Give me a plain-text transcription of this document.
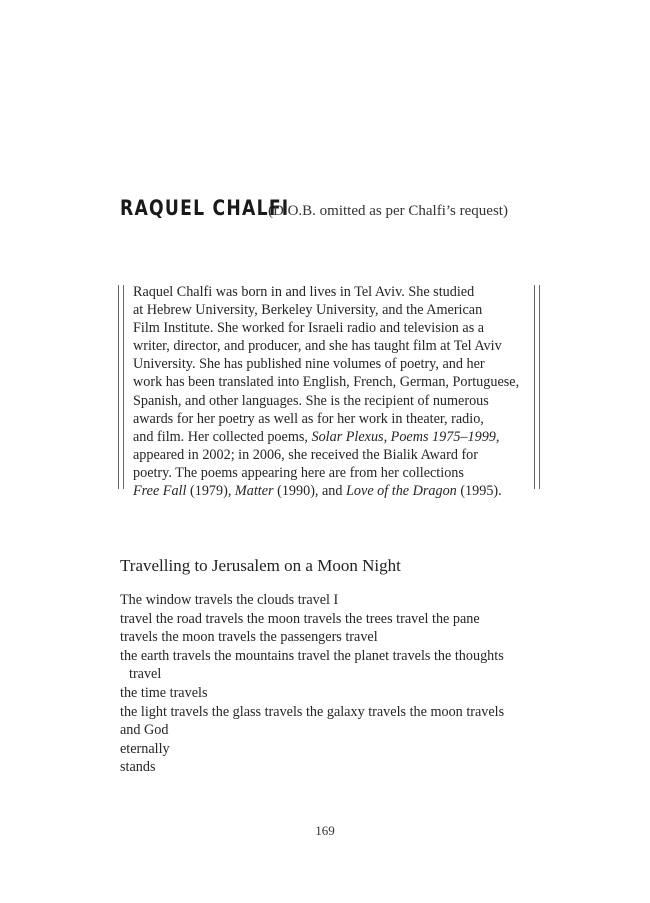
RAQUEL CHALFI
(D.O.B. omitted as per Chalfi’s request)
Raquel Chalfi was born in and lives in Tel Aviv. She studied
at Hebrew University, Berkeley University, and the American
Film Institute. She worked for Israeli radio and television as a
writer, director, and producer, and she has taught film at Tel Aviv
University. She has published nine volumes of poetry, and her
work has been translated into English, French, German, Portuguese,
Spanish, and other languages. She is the recipient of numerous
awards for her poetry as well as for her work in theater, radio,
and film. Her collected poems, Solar Plexus, Poems 1975–1999,
appeared in 2002; in 2006, she received the Bialik Award for
poetry. The poems appearing here are from her collections
Free Fall (1979), Matter (1990), and Love of the Dragon (1995).
Travelling to Jerusalem on a Moon Night
The window travels the clouds travel I
travel the road travels the moon travels the trees travel the pane
travels the moon travels the passengers travel
the earth travels the mountains travel the planet travels the thoughts
travel
the time travels
the light travels the glass travels the galaxy travels the moon travels
and God
eternally
stands
169
